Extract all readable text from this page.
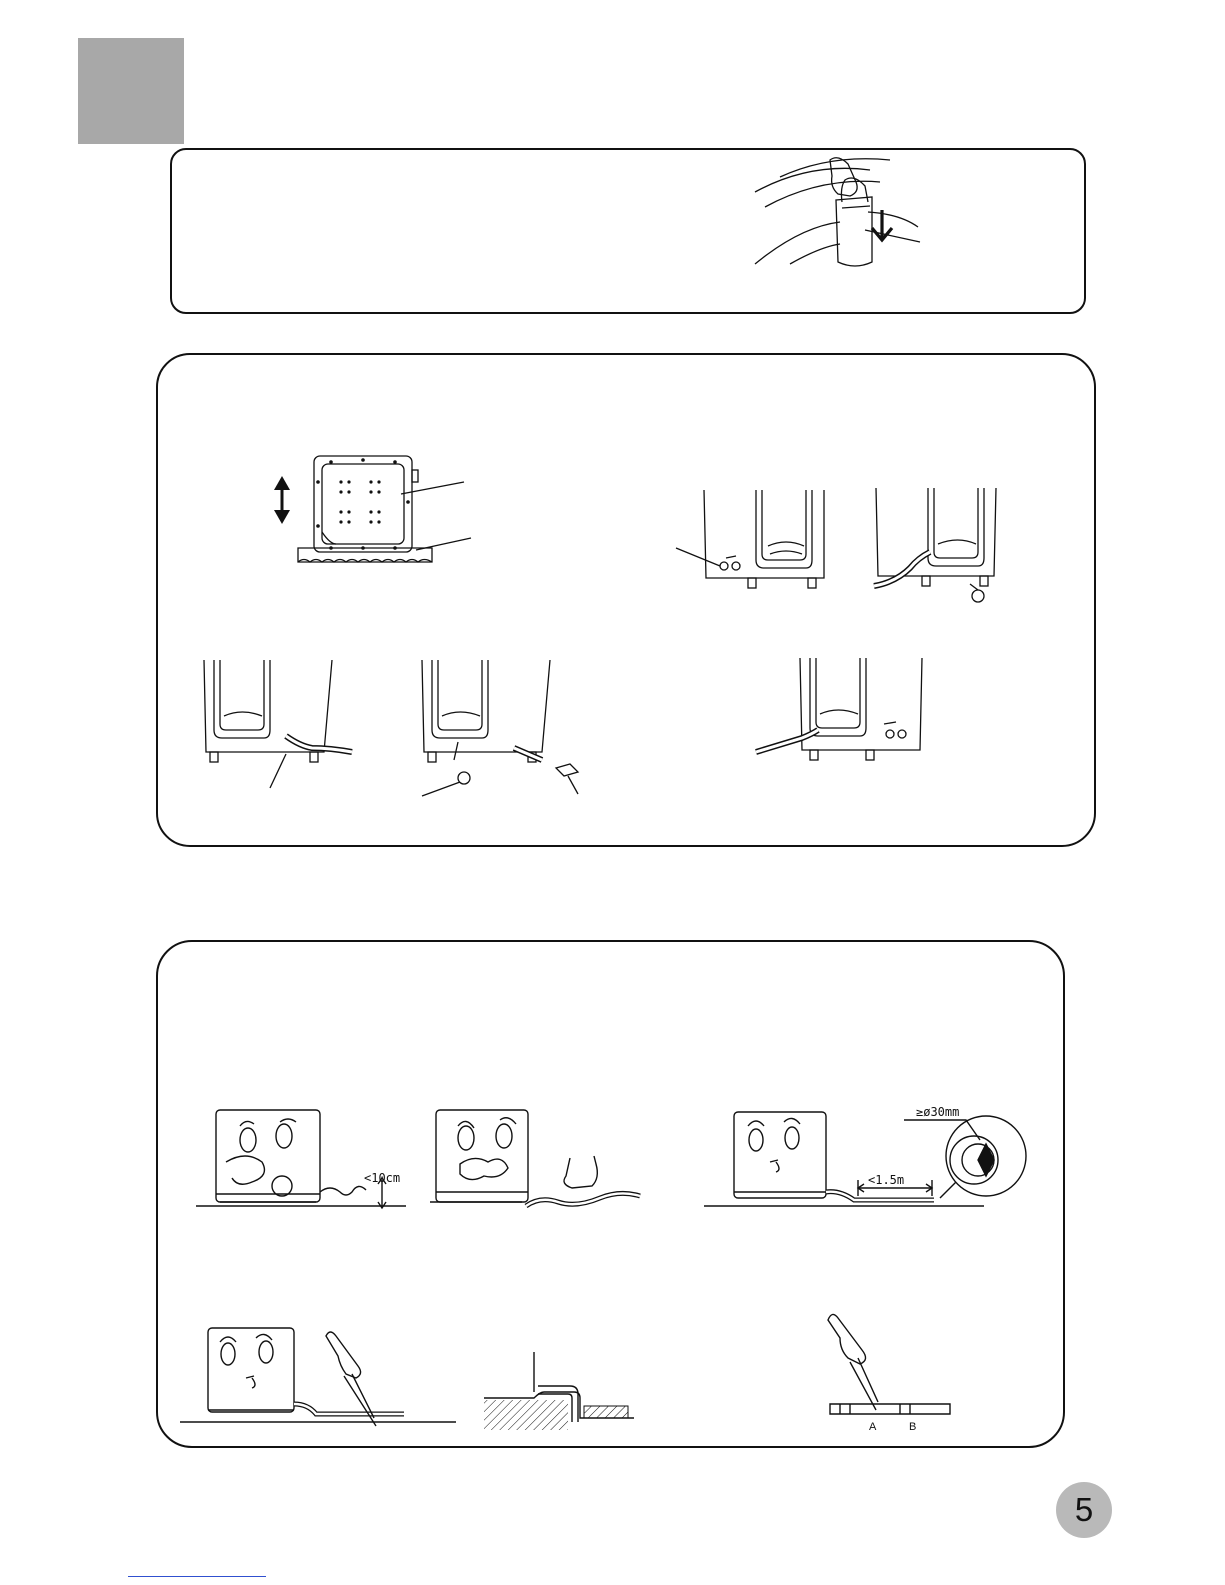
<10cm
≥ø30mm
<1.5m
A	B
5
